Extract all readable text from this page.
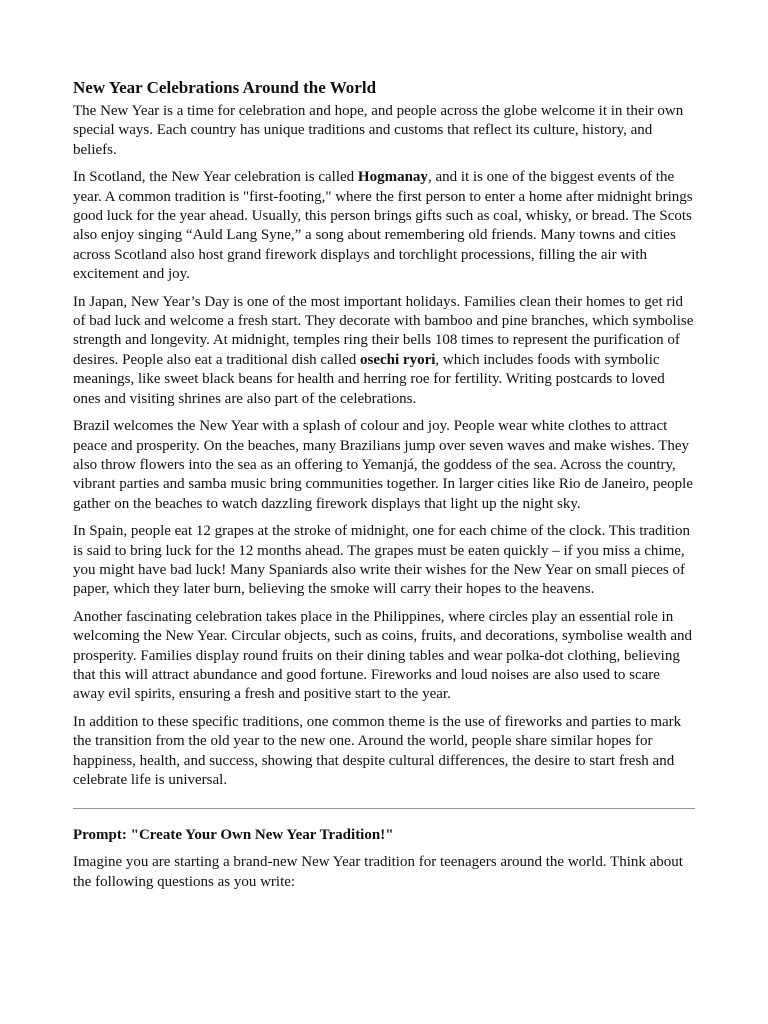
New Year Celebrations Around the World

The New Year is a time for celebration and hope, and people across the globe welcome it in their own special ways. Each country has unique traditions and customs that reflect its culture, history, and beliefs.

In Scotland, the New Year celebration is called Hogmanay, and it is one of the biggest events of the year. A common tradition is "first-footing," where the first person to enter a home after midnight brings good luck for the year ahead. Usually, this person brings gifts such as coal, whisky, or bread. The Scots also enjoy singing “Auld Lang Syne,” a song about remembering old friends. Many towns and cities across Scotland also host grand firework displays and torchlight processions, filling the air with excitement and joy.

In Japan, New Year’s Day is one of the most important holidays. Families clean their homes to get rid of bad luck and welcome a fresh start. They decorate with bamboo and pine branches, which symbolise strength and longevity. At midnight, temples ring their bells 108 times to represent the purification of desires. People also eat a traditional dish called osechi ryori, which includes foods with symbolic meanings, like sweet black beans for health and herring roe for fertility. Writing postcards to loved ones and visiting shrines are also part of the celebrations.

Brazil welcomes the New Year with a splash of colour and joy. People wear white clothes to attract peace and prosperity. On the beaches, many Brazilians jump over seven waves and make wishes. They also throw flowers into the sea as an offering to Yemanjá, the goddess of the sea. Across the country, vibrant parties and samba music bring communities together. In larger cities like Rio de Janeiro, people gather on the beaches to watch dazzling firework displays that light up the night sky.

In Spain, people eat 12 grapes at the stroke of midnight, one for each chime of the clock. This tradition is said to bring luck for the 12 months ahead. The grapes must be eaten quickly – if you miss a chime, you might have bad luck! Many Spaniards also write their wishes for the New Year on small pieces of paper, which they later burn, believing the smoke will carry their hopes to the heavens.

Another fascinating celebration takes place in the Philippines, where circles play an essential role in welcoming the New Year. Circular objects, such as coins, fruits, and decorations, symbolise wealth and prosperity. Families display round fruits on their dining tables and wear polka-dot clothing, believing that this will attract abundance and good fortune. Fireworks and loud noises are also used to scare away evil spirits, ensuring a fresh and positive start to the year.

In addition to these specific traditions, one common theme is the use of fireworks and parties to mark the transition from the old year to the new one. Around the world, people share similar hopes for happiness, health, and success, showing that despite cultural differences, the desire to start fresh and celebrate life is universal.

Prompt: "Create Your Own New Year Tradition!"

Imagine you are starting a brand-new New Year tradition for teenagers around the world. Think about the following questions as you write:
